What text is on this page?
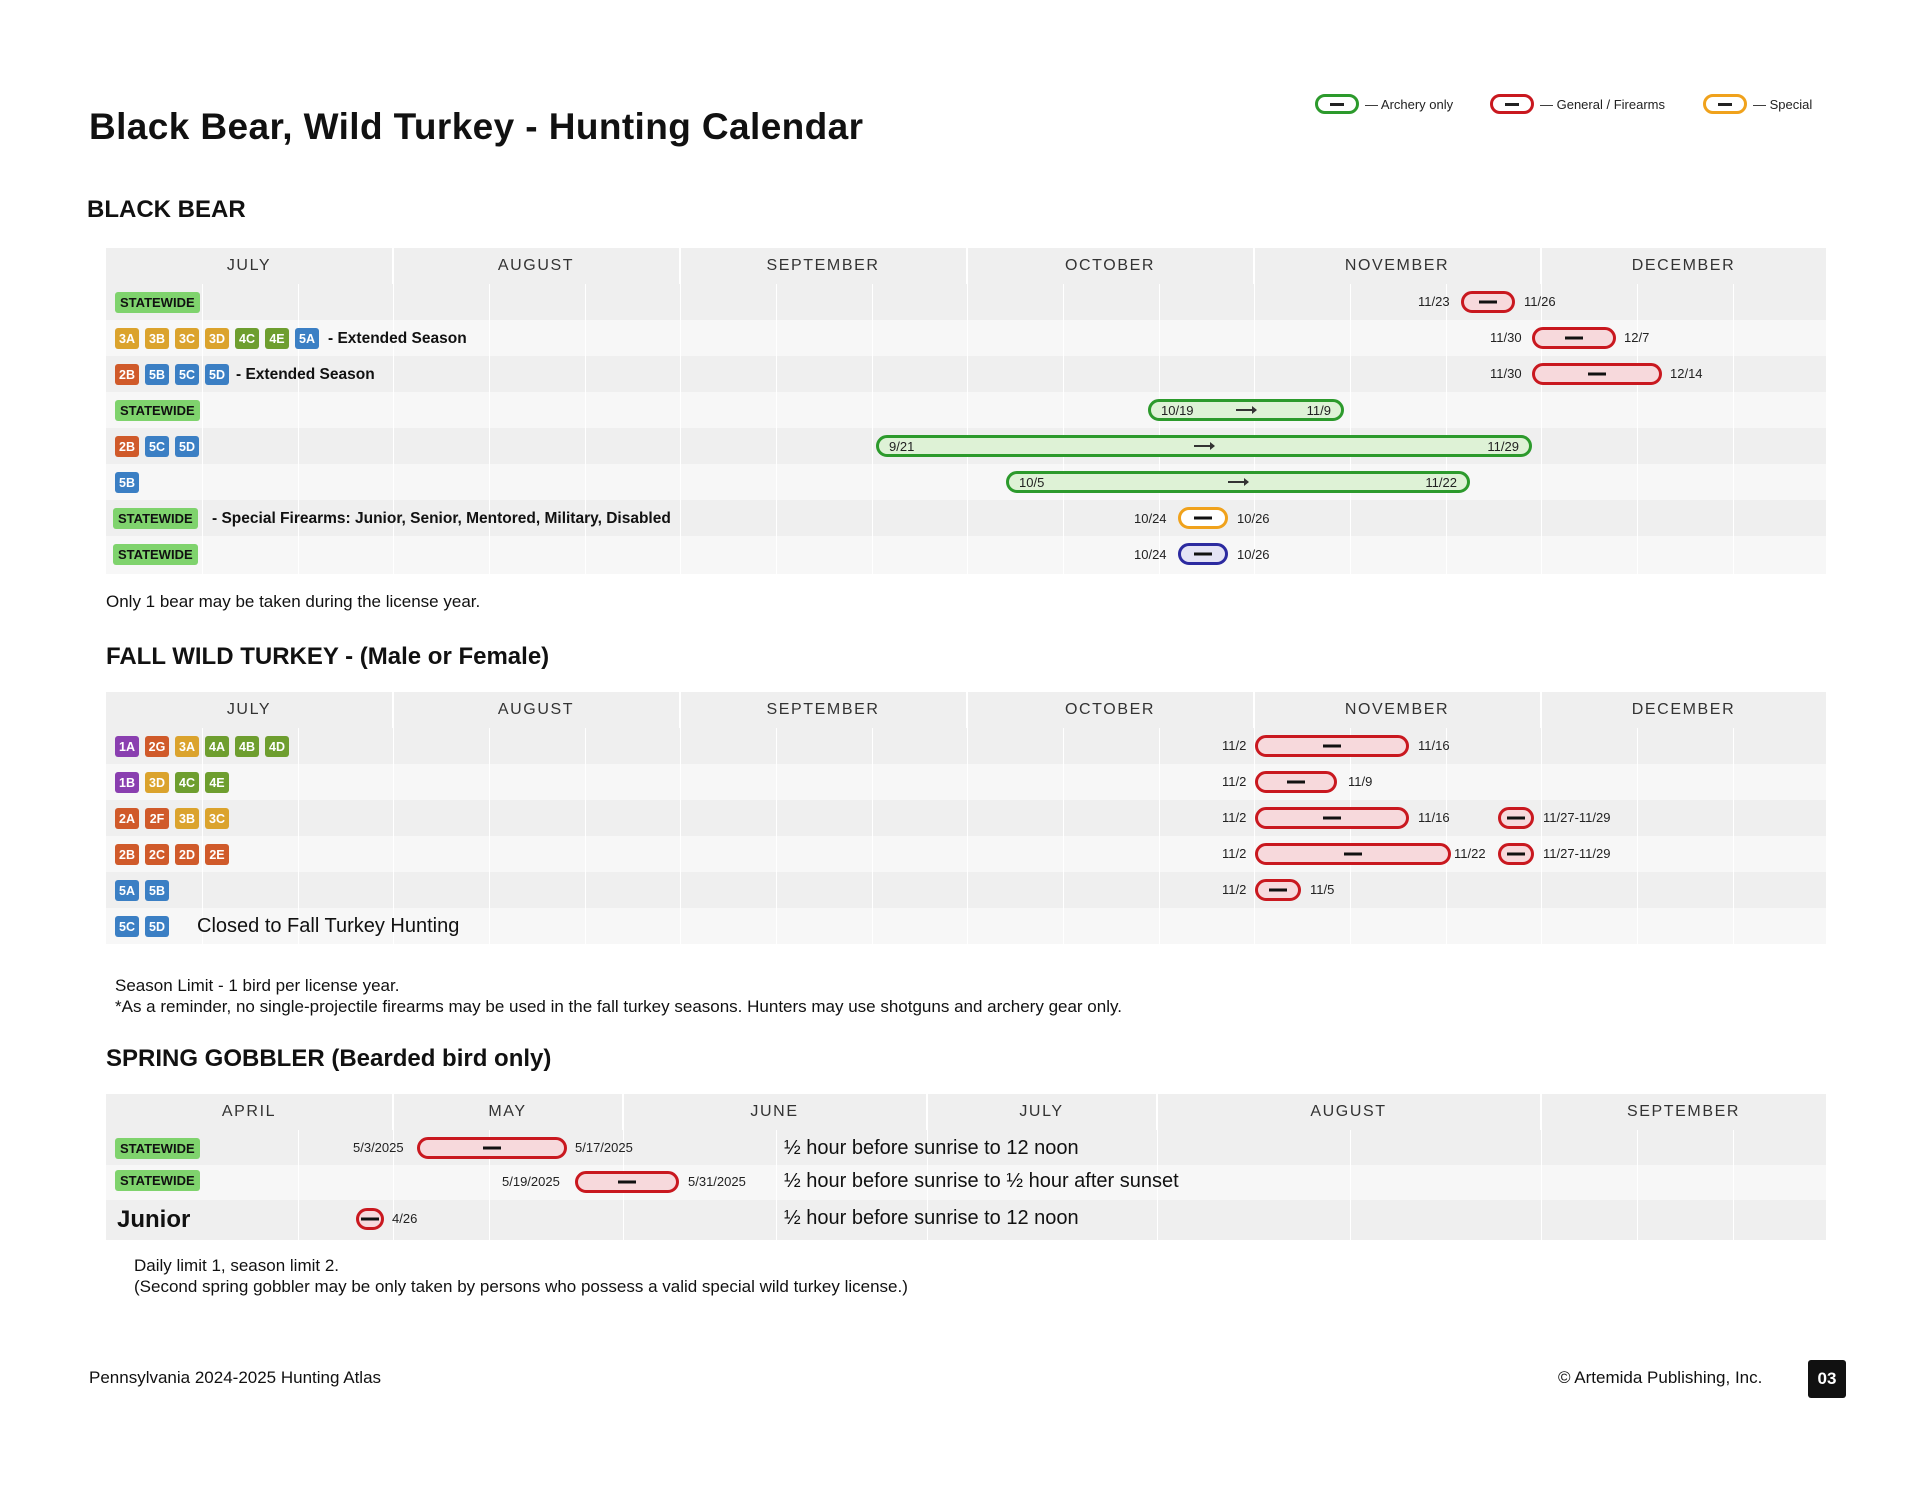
Black Bear, Wild Turkey - Hunting Calendar
— Archery only	— General / Firearms	— Special
BLACK BEAR
JULY	AUGUST	SEPTEMBER	OCTOBER	NOVEMBER	DECEMBER
STATEWIDE	11/23	11/26
3A	3B	3C	3D	4C	4E	5A - Extended Season	11/30	12/7
2B	5B	5C	5D - Extended Season	11/30	12/14
STATEWIDE	10/19	11/9
2B	5C	5D	9/21	11/29
5B	10/5	11/22
STATEWIDE	- Special Firearms: Junior, Senior, Mentored, Military, Disabled	10/24	10/26
STATEWIDE	10/24	10/26
Only 1 bear may be taken during the license year.
FALL WILD TURKEY - (Male or Female)
JULY	AUGUST	SEPTEMBER	OCTOBER	NOVEMBER	DECEMBER
1A	2G	3A	4A	4B	4D	11/2	11/16
1B	3D	4C	4E	11/2	11/9
2A	2F	3B	3C	11/2	11/16	11/27-11/29
2B	2C	2D	2E	11/2	11/22	11/27-11/29
5A	5B	11/2	11/5
5C	5D Closed to Fall Turkey Hunting
Season Limit - 1 bird per license year.
*As a reminder, no single-projectile firearms may be used in the fall turkey seasons. Hunters may use shotguns and archery gear only.
SPRING GOBBLER (Bearded bird only)
APRIL	MAY	JUNE	JULY	AUGUST	SEPTEMBER
STATEWIDE	5/3/2025	5/17/2025	½ hour before sunrise to 12 noon
STATEWIDE	5/19/2025	5/31/2025 ½ hour before sunrise to ½ hour after sunset
Junior	4/26	½ hour before sunrise to 12 noon
Daily limit 1, season limit 2.
(Second spring gobbler may be only taken by persons who possess a valid special wild turkey license.)
Pennsylvania 2024-2025 Hunting Atlas	© Artemida Publishing, Inc.	03
